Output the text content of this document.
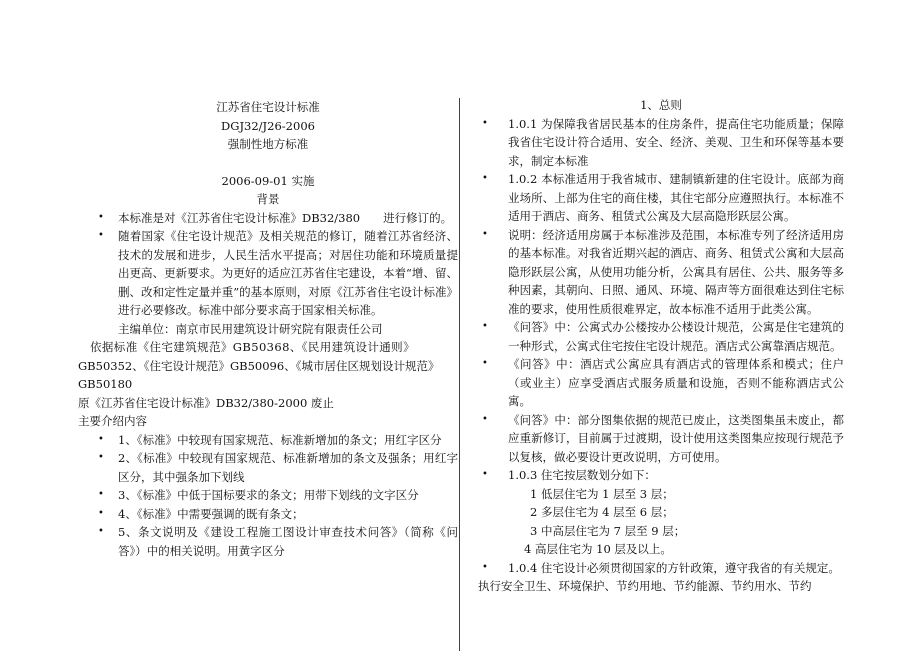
江苏省住宅设计标准
DGJ32/J26-2006
强制性地方标准
2006-09-01 实施
背景
• 本标准是对《江苏省住宅设计标准》DB32/380　　进行修订的。
• 随着国家《住宅设计规范》及相关规范的修订，随着江苏省经济、技术的发展和进步，人民生活水平提高；对居住功能和环境质量提出更高、更新要求。为更好的适应江苏省住宅建设，本着“增、留、删、改和定性定量并重”的基本原则，对原《江苏省住宅设计标准》进行必要修改。标准中部分要求高于国家相关标准。

主编单位：南京市民用建筑设计研究院有限责任公司

依据标准《住宅建筑规范》GB50368、《民用建筑设计通则》

GB50352、《住宅设计规范》GB50096、《城市居住区规划设计规范》

GB50180

原《江苏省住宅设计标准》DB32/380-2000 废止

主要介绍内容

• 1、《标准》中较现有国家规范、标准新增加的条文；用红字区分
• 2、《标准》中较现有国家规范、标准新增加的条文及强条；用红字区分，其中强条加下划线
• 3、《标准》中低于国标要求的条文；用带下划线的文字区分
• 4、《标准》中需要强调的既有条文；
• 5、条文说明及《建设工程施工图设计审查技术问答》（简称《问答》）中的相关说明。用黄字区分
1、总则
• 1.0.1 为保障我省居民基本的住房条件，提高住宅功能质量；保障我省住宅设计符合适用、安全、经济、美观、卫生和环保等基本要求，制定本标准
• 1.0.2 本标准适用于我省城市、建制镇新建的住宅设计。底部为商业场所、上部为住宅的商住楼，其住宅部分应遵照执行。本标准不适用于酒店、商务、租赁式公寓及大层高隐形跃层公寓。
• 说明：经济适用房属于本标准涉及范围，本标准专列了经济适用房的基本标准。对我省近期兴起的酒店、商务、租赁式公寓和大层高隐形跃层公寓，从使用功能分析，公寓具有居住、公共、服务等多种因素，其朝向、日照、通风、环境、隔声等方面很难达到住宅标准的要求，使用性质很难界定，故本标准不适用于此类公寓。
• 《问答》中：公寓式办公楼按办公楼设计规范，公寓是住宅建筑的一种形式，公寓式住宅按住宅设计规范。酒店式公寓靠酒店规范。
• 《问答》中：酒店式公寓应具有酒店式的管理体系和模式；住户（或业主）应享受酒店式服务质量和设施，否则不能称酒店式公寓。
• 《问答》中：部分图集依据的规范已废止，这类图集虽未废止，都应重新修订，目前属于过渡期，设计使用这类图集应按现行规范予以复核，做必要设计更改说明，方可使用。
• 1.0.3 住宅按层数划分如下：
1 低层住宅为 1 层至 3 层；
2 多层住宅为 4 层至 6 层；
3 中高层住宅为 7 层至 9 层；
4 高层住宅为 10 层及以上。
• 1.0.4 住宅设计必须贯彻国家的方针政策，遵守我省的有关规定。

执行安全卫生、环境保护、节约用地、节约能源、节约用水、节约
